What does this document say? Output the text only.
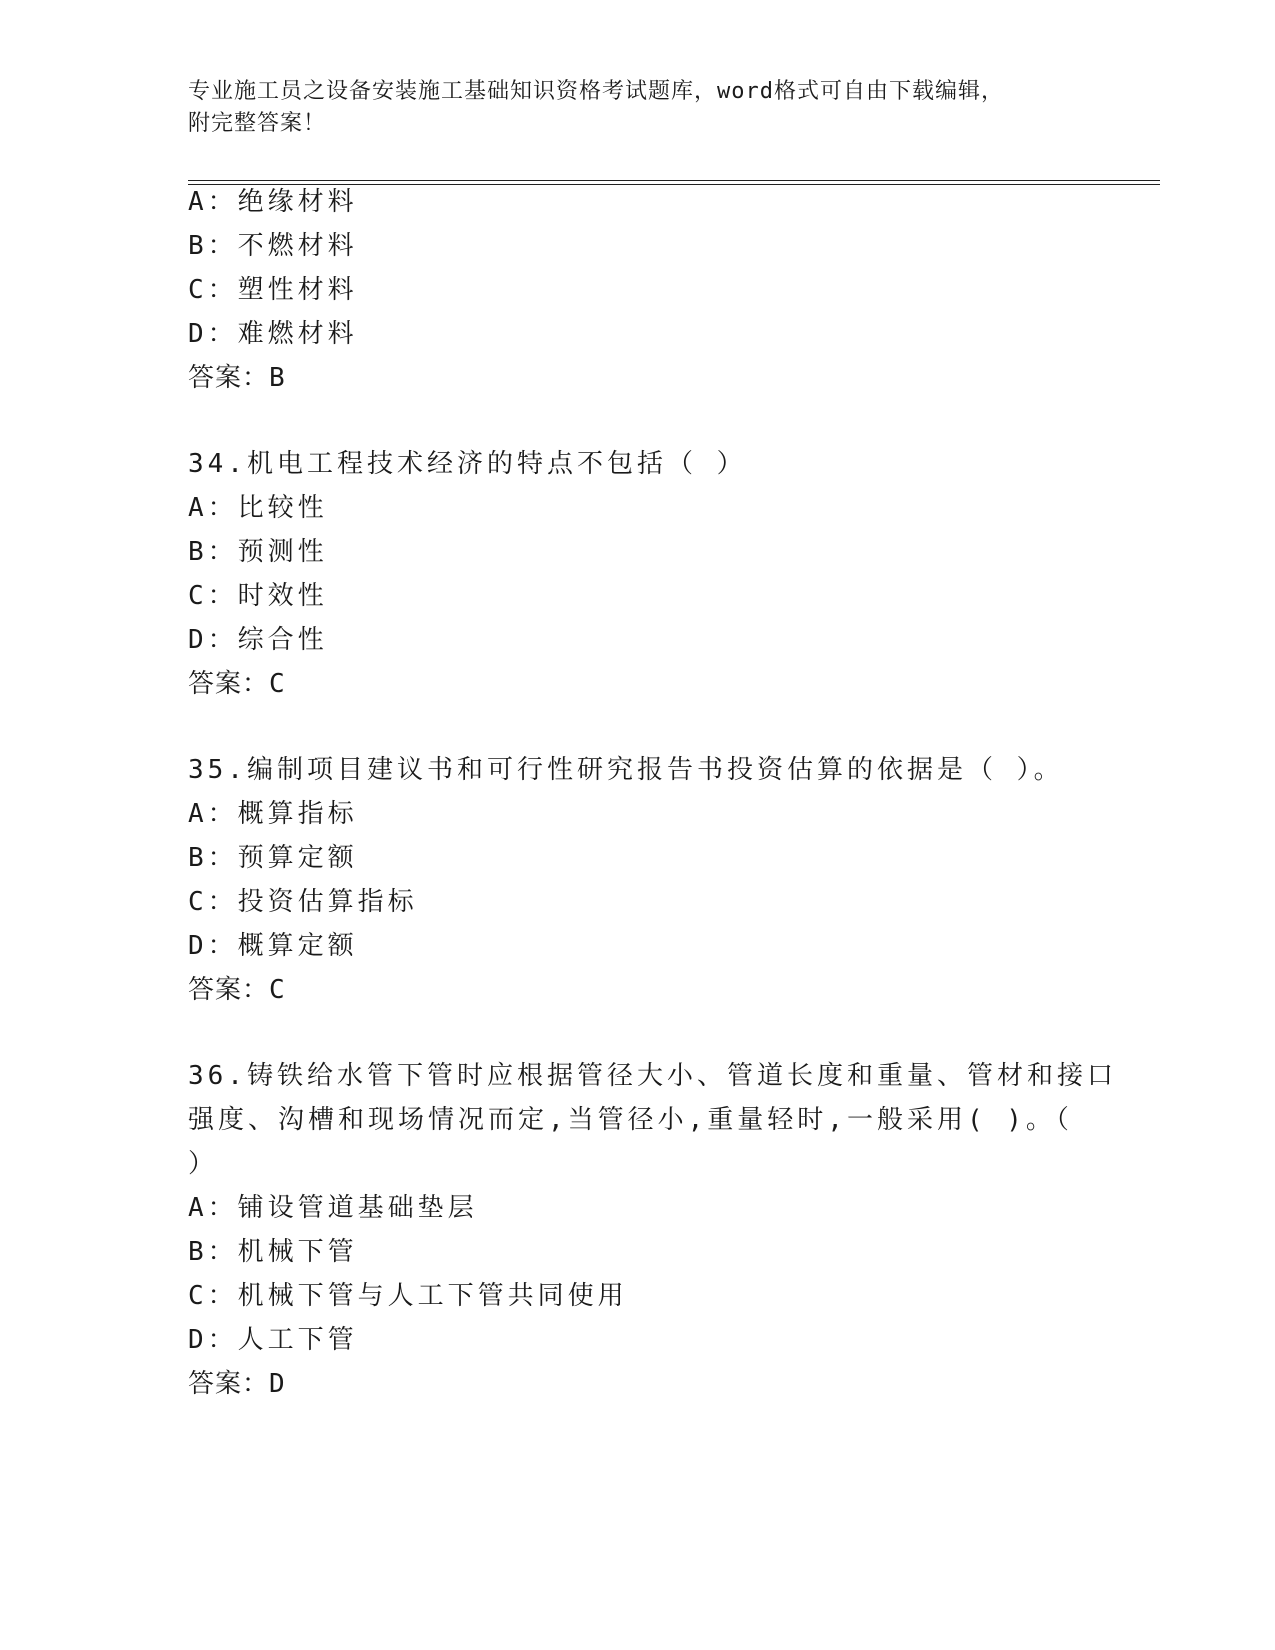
专业施工员之设备安装施工基础知识资格考试题库，word格式可自由下载编辑，
附完整答案！
A：绝缘材料
B：不燃材料
C：塑性材料
D：难燃材料
答案：B
34.机电工程技术经济的特点不包括（ ）
A：比较性
B：预测性
C：时效性
D：综合性
答案：C
35.编制项目建议书和可行性研究报告书投资估算的依据是（ ）。
A：概算指标
B：预算定额
C：投资估算指标
D：概算定额
答案：C
36.铸铁给水管下管时应根据管径大小、管道长度和重量、管材和接口
强度、沟槽和现场情况而定,当管径小,重量轻时,一般采用( )。（
）
A：铺设管道基础垫层
B：机械下管
C：机械下管与人工下管共同使用
D：人工下管
答案：D
